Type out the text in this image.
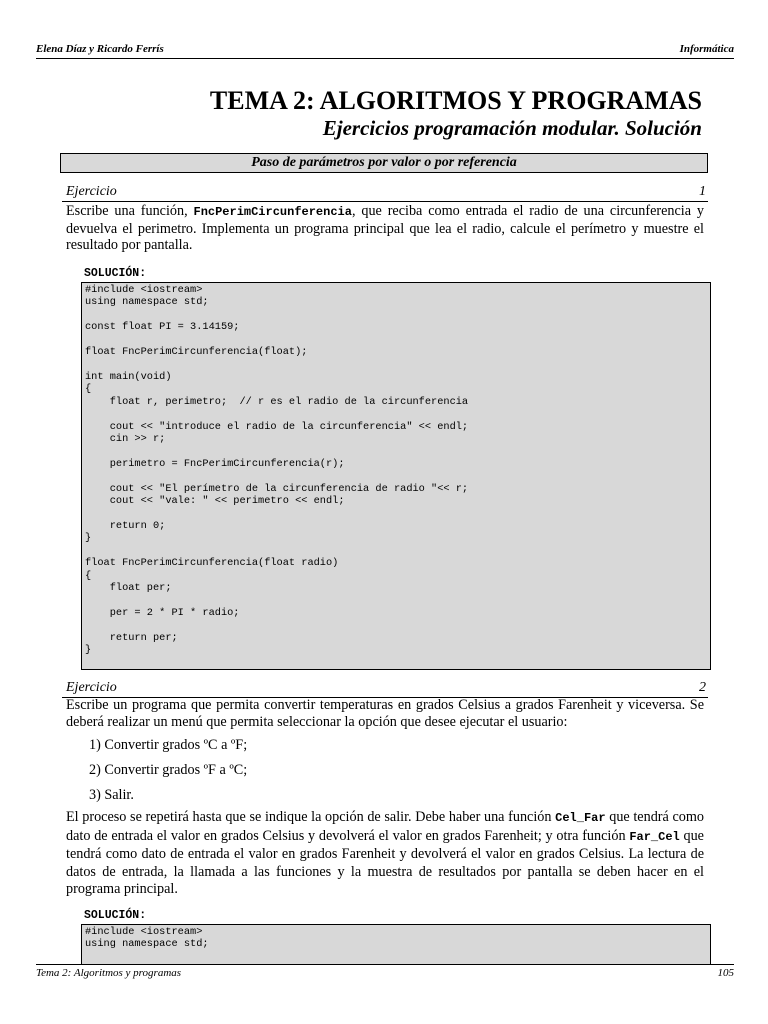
Elena Díaz y Ricardo Ferrís	Informática
TEMA 2: ALGORITMOS Y PROGRAMAS
Ejercicios programación modular. Solución
Paso de parámetros por valor o por referencia
Ejercicio	1
Escribe una función, FncPerimCircunferencia, que reciba como entrada el radio de una circunferencia y devuelva el perimetro. Implementa un programa principal que lea el radio, calcule el perímetro y muestre el resultado por pantalla.
SOLUCIÓN:
#include <iostream>
using namespace std;

const float PI = 3.14159;

float FncPerimCircunferencia(float);

int main(void)
{
float r, perimetro;  // r es el radio de la circunferencia

cout << "introduce el radio de la circunferencia" << endl;
cin >> r;

perimetro = FncPerimCircunferencia(r);

cout << "El perímetro de la circunferencia de radio "<< r;
cout << "vale: " << perimetro << endl;

return 0;
}

float FncPerimCircunferencia(float radio)
{
float per;

per = 2 * PI * radio;

return per;
}
Ejercicio	2
Escribe un programa que permita convertir temperaturas en grados Celsius a grados Farenheit y viceversa. Se deberá realizar un menú que permita seleccionar la opción que desee ejecutar el usuario:
1) Convertir grados ºC a ºF;
2) Convertir grados ºF a ºC;
3) Salir.
El proceso se repetirá hasta que se indique la opción de salir. Debe haber una función Cel_Far que tendrá como dato de entrada el valor en grados Celsius y devolverá el valor en grados Farenheit; y otra función Far_Cel que tendrá como dato de entrada el valor en grados Farenheit y devolverá el valor en grados Celsius. La lectura de datos de entrada, la llamada a las funciones y la muestra de resultados por pantalla se deben hacer en el programa principal.
SOLUCIÓN:
#include <iostream>
using namespace std;
Tema 2: Algoritmos y programas	105
